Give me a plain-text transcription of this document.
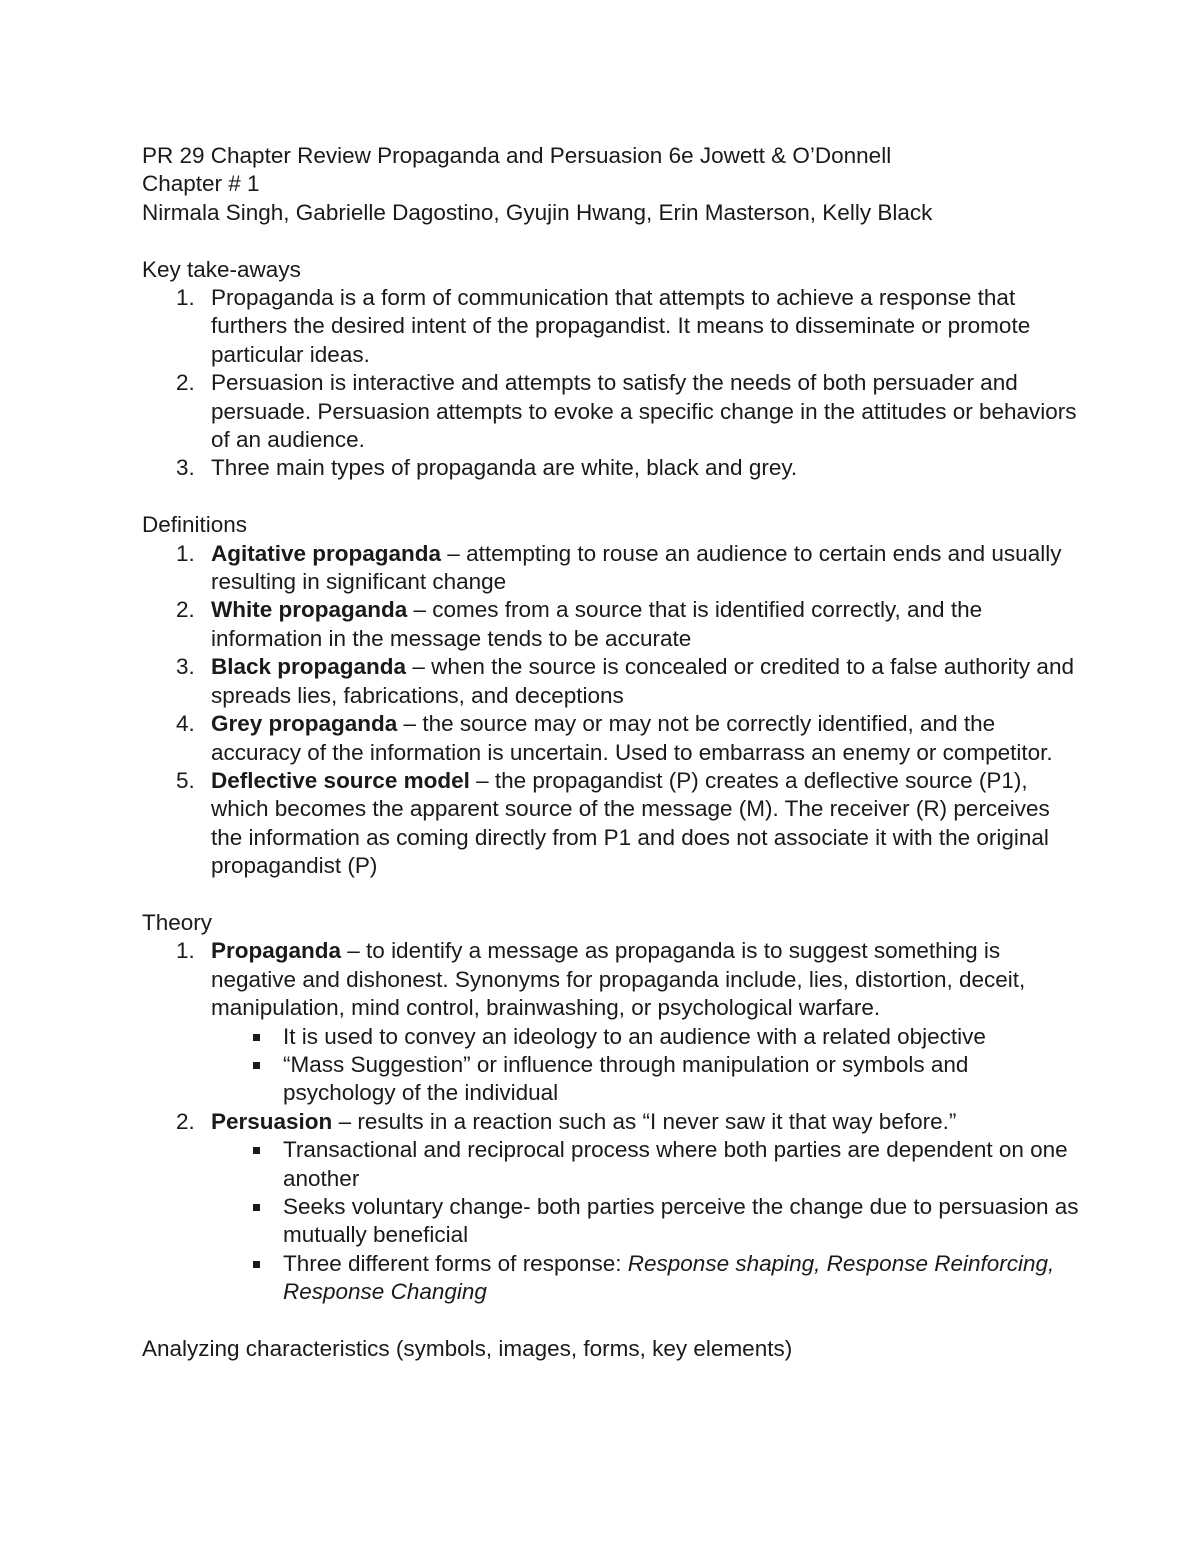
PR 29 Chapter Review Propaganda and Persuasion 6e Jowett & O’Donnell
Chapter # 1
Nirmala Singh, Gabrielle Dagostino, Gyujin Hwang, Erin Masterson, Kelly Black
Key take-aways
1. Propaganda is a form of communication that attempts to achieve a response that furthers the desired intent of the propagandist. It means to disseminate or promote particular ideas.
2. Persuasion is interactive and attempts to satisfy the needs of both persuader and persuade. Persuasion attempts to evoke a specific change in the attitudes or behaviors of an audience.
3. Three main types of propaganda are white, black and grey.
Definitions
1. Agitative propaganda – attempting to rouse an audience to certain ends and usually resulting in significant change
2. White propaganda – comes from a source that is identified correctly, and the information in the message tends to be accurate
3. Black propaganda – when the source is concealed or credited to a false authority and spreads lies, fabrications, and deceptions
4. Grey propaganda – the source may or may not be correctly identified, and the accuracy of the information is uncertain. Used to embarrass an enemy or competitor.
5. Deflective source model – the propagandist (P) creates a deflective source (P1), which becomes the apparent source of the message (M). The receiver (R) perceives the information as coming directly from P1 and does not associate it with the original propagandist (P)
Theory
1. Propaganda – to identify a message as propaganda is to suggest something is negative and dishonest. Synonyms for propaganda include, lies, distortion, deceit, manipulation, mind control, brainwashing, or psychological warfare.
It is used to convey an ideology to an audience with a related objective
“Mass Suggestion” or influence through manipulation or symbols and psychology of the individual
2. Persuasion – results in a reaction such as “I never saw it that way before.”
Transactional and reciprocal process where both parties are dependent on one another
Seeks voluntary change- both parties perceive the change due to persuasion as mutually beneficial
Three different forms of response: Response shaping, Response Reinforcing, Response Changing
Analyzing characteristics (symbols, images, forms, key elements)
